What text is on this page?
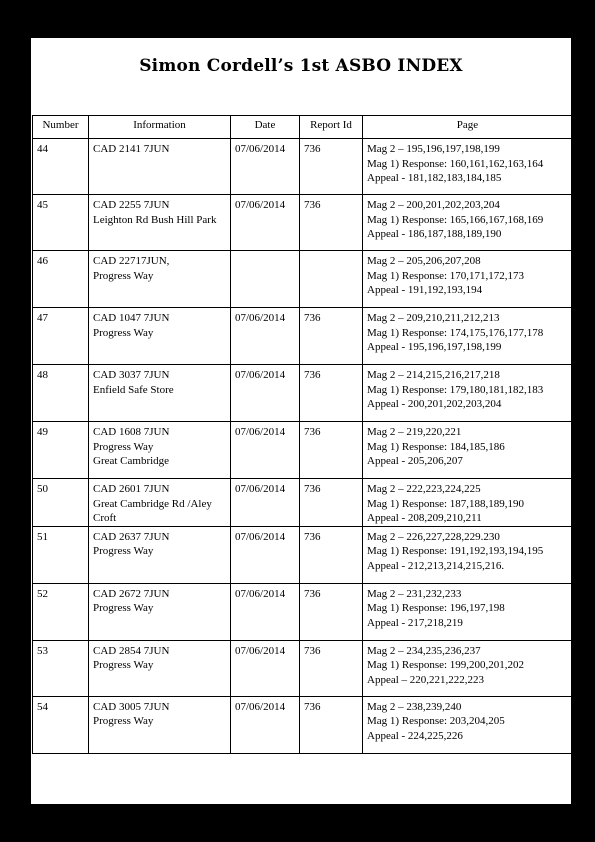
Simon Cordell’s 1st ASBO INDEX
Number	Information	Date	Report Id	Page
44	CAD 2141 7JUN	07/06/2014	736	Mag 2 – 195,196,197,198,199
Mag 1) Response: 160,161,162,163,164
Appeal - 181,182,183,184,185

45	CAD 2255 7JUN
Leighton Rd Bush Hill Park	07/06/2014	736	Mag 2 – 200,201,202,203,204
Mag 1) Response: 165,166,167,168,169
Appeal - 186,187,188,189,190

46	CAD 22717JUN,
Progress Way			Mag 2 – 205,206,207,208
Mag 1) Response: 170,171,172,173
Appeal - 191,192,193,194

47	CAD 1047 7JUN
Progress Way	07/06/2014	736	Mag 2 – 209,210,211,212,213
Mag 1) Response: 174,175,176,177,178
Appeal - 195,196,197,198,199

48	CAD 3037 7JUN
Enfield Safe Store	07/06/2014	736	Mag 2 – 214,215,216,217,218
Mag 1) Response: 179,180,181,182,183
Appeal - 200,201,202,203,204

49	CAD 1608 7JUN
Progress Way
Great Cambridge	07/06/2014	736	Mag 2 – 219,220,221
Mag 1) Response: 184,185,186
Appeal - 205,206,207

50	CAD 2601 7JUN
Great Cambridge Rd /Aley
Croft	07/06/2014	736	Mag 2 – 222,223,224,225
Mag 1) Response: 187,188,189,190
Appeal - 208,209,210,211

51	CAD 2637 7JUN
Progress Way	07/06/2014	736	Mag 2 – 226,227,228,229.230
Mag 1) Response: 191,192,193,194,195
Appeal - 212,213,214,215,216.

52	CAD 2672 7JUN
Progress Way	07/06/2014	736	Mag 2 – 231,232,233
Mag 1) Response: 196,197,198
Appeal - 217,218,219

53	CAD 2854 7JUN
Progress Way	07/06/2014	736	Mag 2 – 234,235,236,237
Mag 1) Response: 199,200,201,202
Appeal – 220,221,222,223

54	CAD 3005 7JUN
Progress Way	07/06/2014	736	Mag 2 – 238,239,240
Mag 1) Response: 203,204,205
Appeal - 224,225,226
